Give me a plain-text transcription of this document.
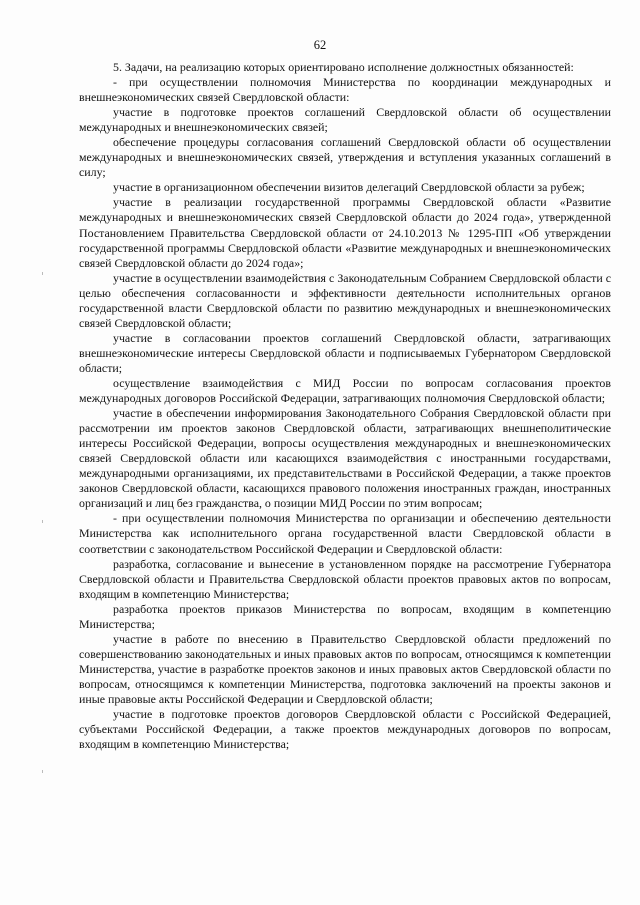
62

5. Задачи, на реализацию которых ориентировано исполнение должностных обязанностей:

- при осуществлении полномочия Министерства по координации международных и внешнеэкономических связей Свердловской области:

участие в подготовке проектов соглашений Свердловской области об осуществлении международных и внешнеэкономических связей;

обеспечение процедуры согласования соглашений Свердловской области об осуществлении международных и внешнеэкономических связей, утверждения и вступления указанных соглашений в силу;

участие в организационном обеспечении визитов делегаций Свердловской области за рубеж;

участие в реализации государственной программы Свердловской области «Развитие международных и внешнеэкономических связей Свердловской области до 2024 года», утвержденной Постановлением Правительства Свердловской области от 24.10.2013 № 1295-ПП «Об утверждении государственной программы Свердловской области «Развитие международных и внешнеэкономических связей Свердловской области до 2024 года»;

участие в осуществлении взаимодействия с Законодательным Собранием Свердловской области с целью обеспечения согласованности и эффективности деятельности исполнительных органов государственной власти Свердловской области по развитию международных и внешнеэкономических связей Свердловской области;

участие в согласовании проектов соглашений Свердловской области, затрагивающих внешнеэкономические интересы Свердловской области и подписываемых Губернатором Свердловской области;

осуществление взаимодействия с МИД России по вопросам согласования проектов международных договоров Российской Федерации, затрагивающих полномочия Свердловской области;

участие в обеспечении информирования Законодательного Собрания Свердловской области при рассмотрении им проектов законов Свердловской области, затрагивающих внешнеполитические интересы Российской Федерации, вопросы осуществления международных и внешнеэкономических связей Свердловской области или касающихся взаимодействия с иностранными государствами, международными организациями, их представительствами в Российской Федерации, а также проектов законов Свердловской области, касающихся правового положения иностранных граждан, иностранных организаций и лиц без гражданства, о позиции МИД России по этим вопросам;

- при осуществлении полномочия Министерства по организации и обеспечению деятельности Министерства как исполнительного органа государственной власти Свердловской области в соответствии с законодательством Российской Федерации и Свердловской области:

разработка, согласование и вынесение в установленном порядке на рассмотрение Губернатора Свердловской области и Правительства Свердловской области проектов правовых актов по вопросам, входящим в компетенцию Министерства;

разработка проектов приказов Министерства по вопросам, входящим в компетенцию Министерства;

участие в работе по внесению в Правительство Свердловской области предложений по совершенствованию законодательных и иных правовых актов по вопросам, относящимся к компетенции Министерства, участие в разработке проектов законов и иных правовых актов Свердловской области по вопросам, относящимся к компетенции Министерства, подготовка заключений на проекты законов и иные правовые акты Российской Федерации и Свердловской области;

участие в подготовке проектов договоров Свердловской области с Российской Федерацией, субъектами Российской Федерации, а также проектов международных договоров по вопросам, входящим в компетенцию Министерства;
